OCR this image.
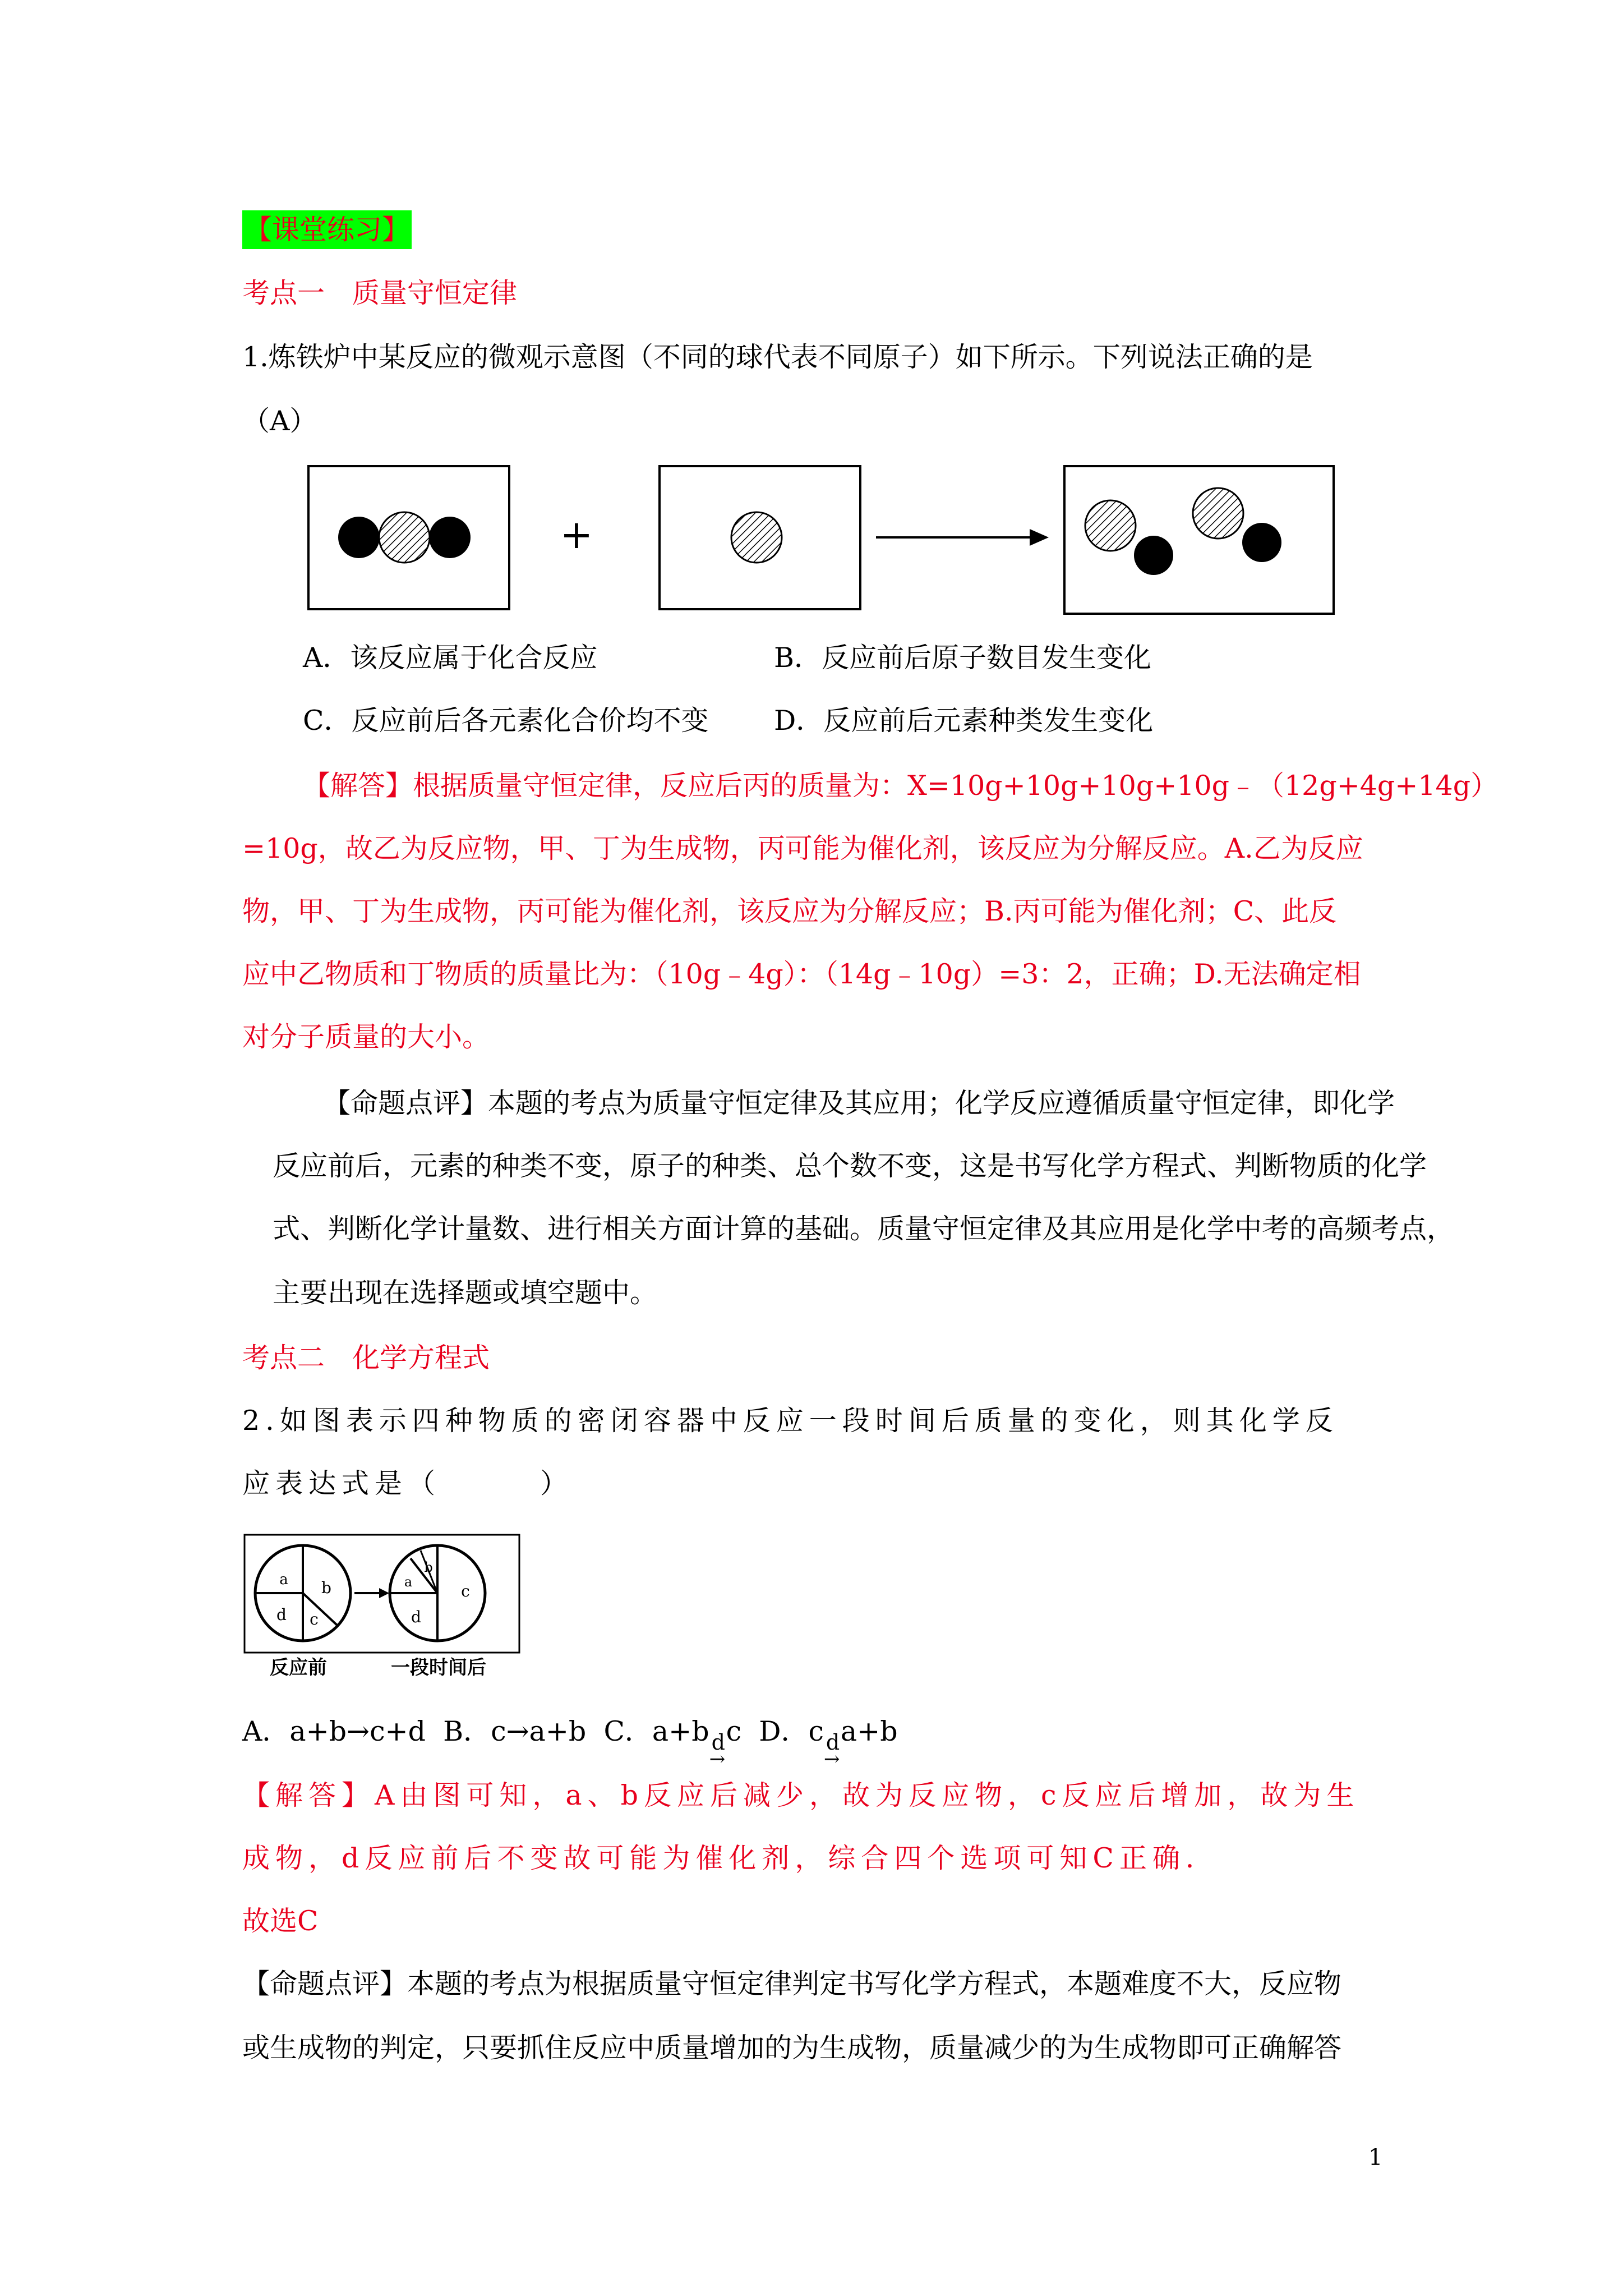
【课堂练习】
考点一　质量守恒定律
1.炼铁炉中某反应的微观示意图（不同的球代表不同原子）如下所示。下列说法正确的是
（A）
+
A．该反应属于化合反应	B．反应前后原子数目发生变化
C．反应前后各元素化合价均不变 D．反应前后元素种类发生变化
【解答】根据质量守恒定律，反应后丙的质量为：X=10g+10g+10g+10g﹣（12g+4g+14g）
=10g，故乙为反应物，甲、丁为生成物，丙可能为催化剂，该反应为分解反应。A.乙为反应
物，甲、丁为生成物，丙可能为催化剂，该反应为分解反应；B.丙可能为催化剂；C、此反
应中乙物质和丁物质的质量比为：（10g﹣4g）：（14g﹣10g）=3：2，正确；D.无法确定相
对分子质量的大小。
【命题点评】本题的考点为质量守恒定律及其应用；化学反应遵循质量守恒定律，即化学
反应前后，元素的种类不变，原子的种类、总个数不变，这是书写化学方程式、判断物质的化学
式、判断化学计量数、进行相关方面计算的基础。质量守恒定律及其应用是化学中考的高频考点，
主要出现在选择题或填空题中。
考点二　化学方程式
2.如图表示四种物质的密闭容器中反应一段时间后质量的变化，则其化学反
应表达式是（　　　）
a b
c
d
a
b
c
d
反应前	一段时间后
A．a+b→c+d B．c→a+b C．a+b d
→
c D．c d
→
a+b
【解答】A由图可知，a、b反应后减少，故为反应物，c反应后增加，故为生
成物，d反应前后不变故可能为催化剂，综合四个选项可知C正确．
故选C
【命题点评】本题的考点为根据质量守恒定律判定书写化学方程式，本题难度不大，反应物
或生成物的判定，只要抓住反应中质量增加的为生成物，质量减少的为生成物即可正确解答
1
